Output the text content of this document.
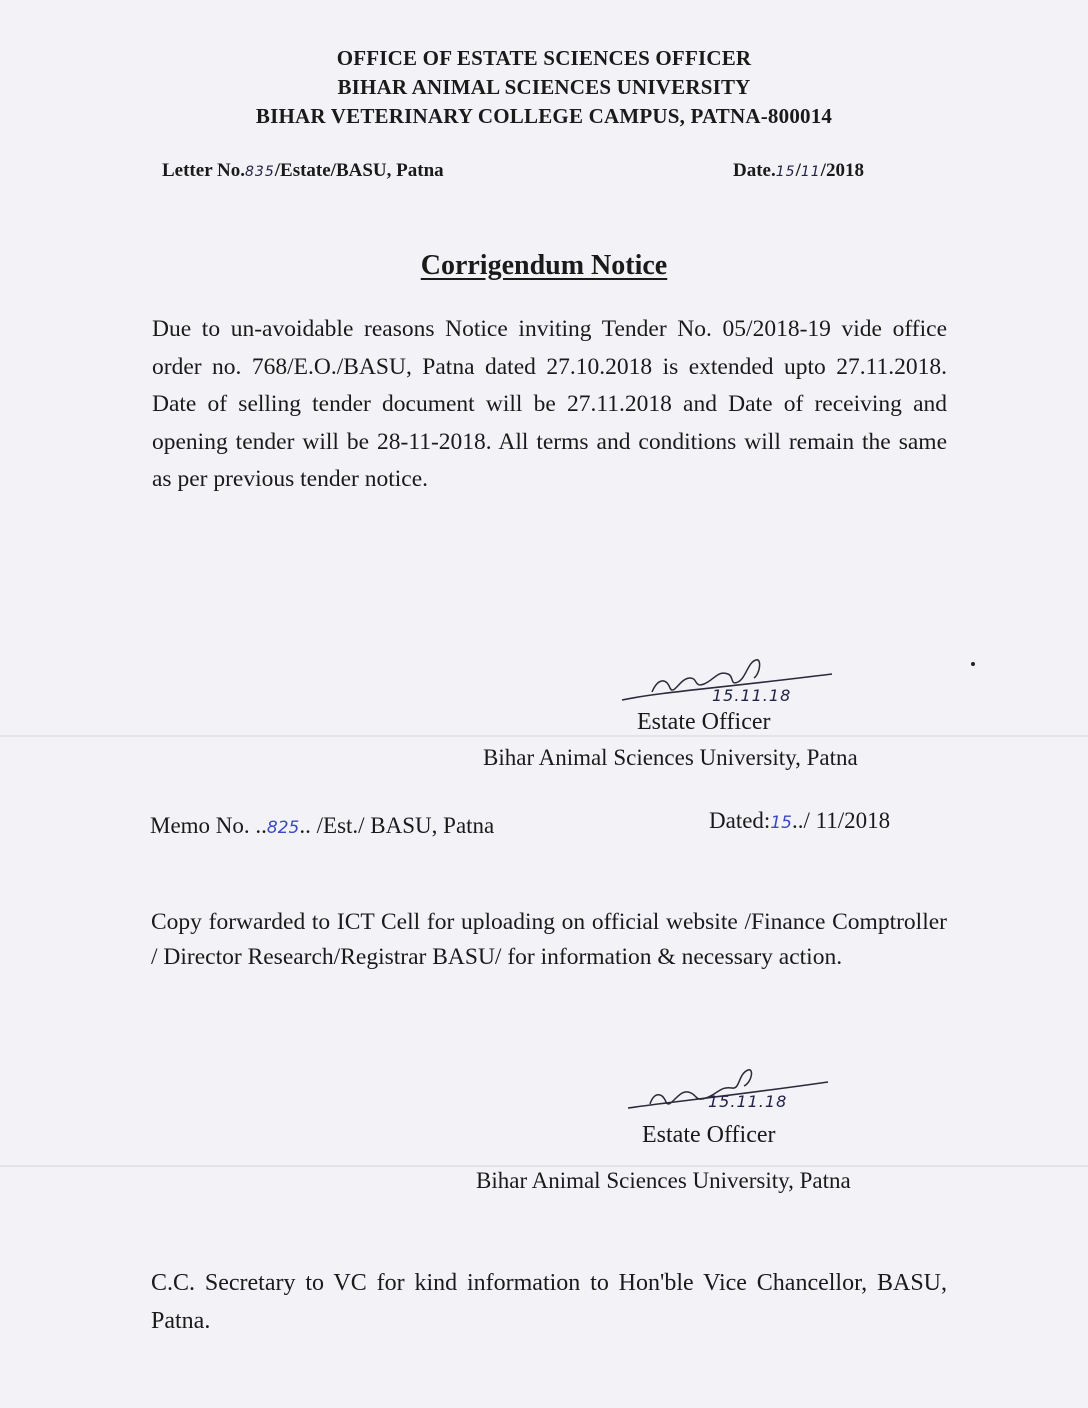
OFFICE OF ESTATE SCIENCES OFFICER
BIHAR ANIMAL SCIENCES UNIVERSITY
BIHAR VETERINARY COLLEGE CAMPUS, PATNA-800014
Letter No.835/Estate/BASU, Patna	Date.15/11/2018
Corrigendum Notice
Due to un-avoidable reasons Notice inviting Tender No. 05/2018-19 vide office order no. 768/E.O./BASU, Patna dated 27.10.2018 is extended upto 27.11.2018. Date of selling tender document will be 27.11.2018 and Date of receiving and opening tender will be 28-11-2018. All terms and conditions will remain the same as per previous tender notice.
15.11.18
Estate Officer
Bihar Animal Sciences University, Patna
Memo No. ..825.. /Est./ BASU, Patna	Dated:15../ 11/2018
Copy forwarded to ICT Cell for uploading on official website /Finance Comptroller / Director Research/Registrar BASU/ for information & necessary action.
15.11.18
Estate Officer
Bihar Animal Sciences University, Patna
C.C. Secretary to VC for kind information to Hon'ble Vice Chancellor, BASU, Patna.
